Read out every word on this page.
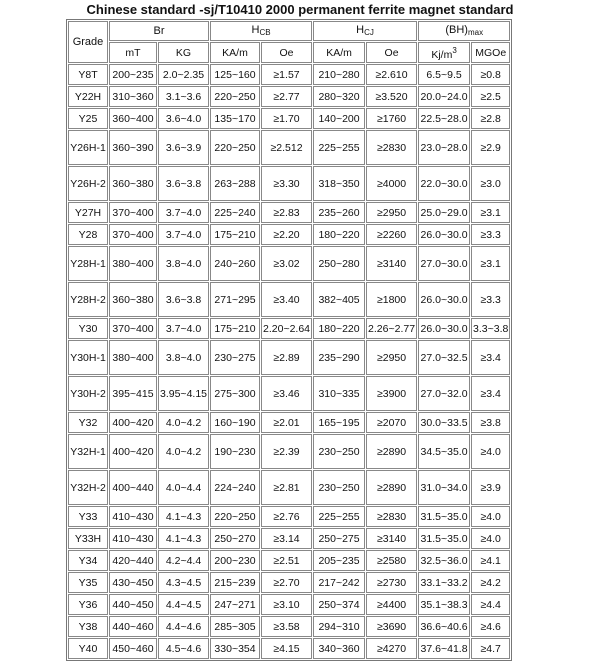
Chinese standard -sj/T10410 2000 permanent ferrite magnet standard
Grade	Br		$H_{CB}$		$H_{CJ}$		$(BH)_{max}$
	mT	KG	KA/m	Oe	KA/m	Oe	$Kj/m^3$	MGOe
Y8T	200~235	2.0~2.35	125~160	≥1.57	210~280	≥2.610	6.5~9.5	≥0.8
Y22H	310~360	3.1~3.6	220~250	≥2.77	280~320	≥3.520	20.0~24.0	≥2.5
Y25	360~400	3.6~4.0	135~170	≥1.70	140~200	≥1760	22.5~28.0	≥2.8
Y26H-1	360~390	3.6~3.9	220~250	≥2.512	225~255	≥2830	23.0~28.0	≥2.9
Y26H-2	360~380	3.6~3.8	263~288	≥3.30	318~350	≥4000	22.0~30.0	≥3.0
Y27H	370~400	3.7~4.0	225~240	≥2.83	235~260	≥2950	25.0~29.0	≥3.1
Y28	370~400	3.7~4.0	175~210	≥2.20	180~220	≥2260	26.0~30.0	≥3.3
Y28H-1	380~400	3.8~4.0	240~260	≥3.02	250~280	≥3140	27.0~30.0	≥3.1
Y28H-2	360~380	3.6~3.8	271~295	≥3.40	382~405	≥1800	26.0~30.0	≥3.3
Y30	370~400	3.7~4.0	175~210	2.20~2.64	180~220	2.26~2.77	26.0~30.0	3.3~3.8
Y30H-1	380~400	3.8~4.0	230~275	≥2.89	235~290	≥2950	27.0~32.5	≥3.4
Y30H-2	395~415	3.95~4.15	275~300	≥3.46	310~335	≥3900	27.0~32.0	≥3.4
Y32	400~420	4.0~4.2	160~190	≥2.01	165~195	≥2070	30.0~33.5	≥3.8
Y32H-1	400~420	4.0~4.2	190~230	≥2.39	230~250	≥2890	34.5~35.0	≥4.0
Y32H-2	400~440	4.0~4.4	224~240	≥2.81	230~250	≥2890	31.0~34.0	≥3.9
Y33	410~430	4.1~4.3	220~250	≥2.76	225~255	≥2830	31.5~35.0	≥4.0
Y33H	410~430	4.1~4.3	250~270	≥3.14	250~275	≥3140	31.5~35.0	≥4.0
Y34	420~440	4.2~4.4	200~230	≥2.51	205~235	≥2580	32.5~36.0	≥4.1
Y35	430~450	4.3~4.5	215~239	≥2.70	217~242	≥2730	33.1~33.2	≥4.2
Y36	440~450	4.4~4.5	247~271	≥3.10	250~374	≥4400	35.1~38.3	≥4.4
Y38	440~460	4.4~4.6	285~305	≥3.58	294~310	≥3690	36.6~40.6	≥4.6
Y40	450~460	4.5~4.6	330~354	≥4.15	340~360	≥4270	37.6~41.8	≥4.7
